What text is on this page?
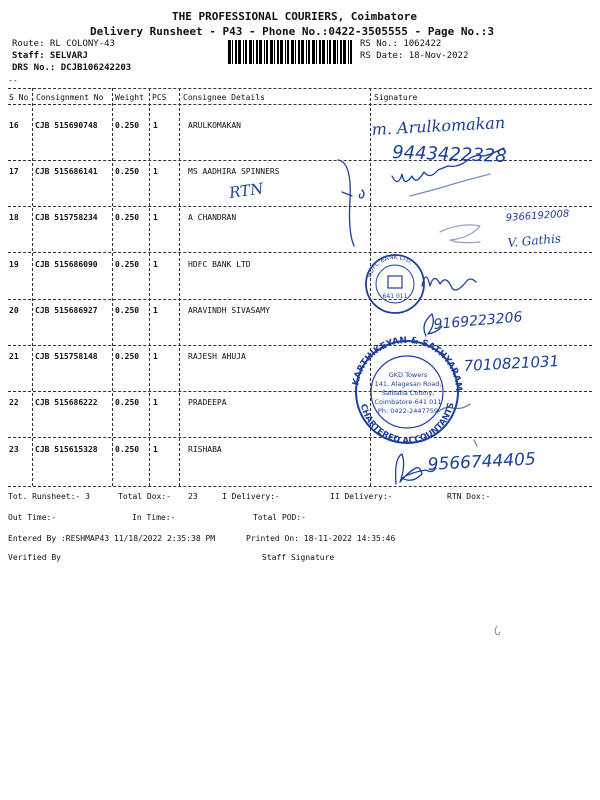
THE PROFESSIONAL COURIERS, Coimbatore
Delivery Runsheet - P43 - Phone No.:0422-3505555 - Page No.:3
Route: RL COLONY-43
Staff: SELVARJ
DRS No.: DCJB106242203
RS No.: 1062422
RS Date: 18-Nov-2022
--
S No Consignment No Weight PCS Consignee Details	Signature
16 CJB 515690748 0.250 1	ARULKOMAKAN
17 CJB 515686141 0.250 1	MS AADHIRA SPINNERS
18 CJB 515758234 0.250 1	A CHANDRAN
19 CJB 515686090 0.250 1	HDFC BANK LTD
20 CJB 515686927 0.250 1	ARAVINDH SIVASAMY
21 CJB 515758148 0.250 1	RAJESH AHUJA
22 CJB 515686222 0.250 1	PRADEEPA
23 CJB 515615328 0.250 1	RISHABA
m. Arulkomakan
9443422328
RTN
9366192008
V. Gathis
HDFC BANK LTD.
641 011
9169223206
KARTHIKEYAN & SATHYARAM
CHARTERED ACCOUNTANTS
GKD Towers
141, Alagesan Road,
Saibaba Colony,
Coimbatore-641 011
Ph: 0422-2447759
7010821031
9566744405
Tot. Runsheet:- 3	Total Dox:- 23	I Delivery:-	II Delivery:-	RTN Dox:-
Out Time:-	In Time:-	Total POD:-
Entered By :RESHMAP43 11/18/2022 2:35:38 PM	Printed On: 18-11-2022 14:35:46
Verified By	Staff Signature
